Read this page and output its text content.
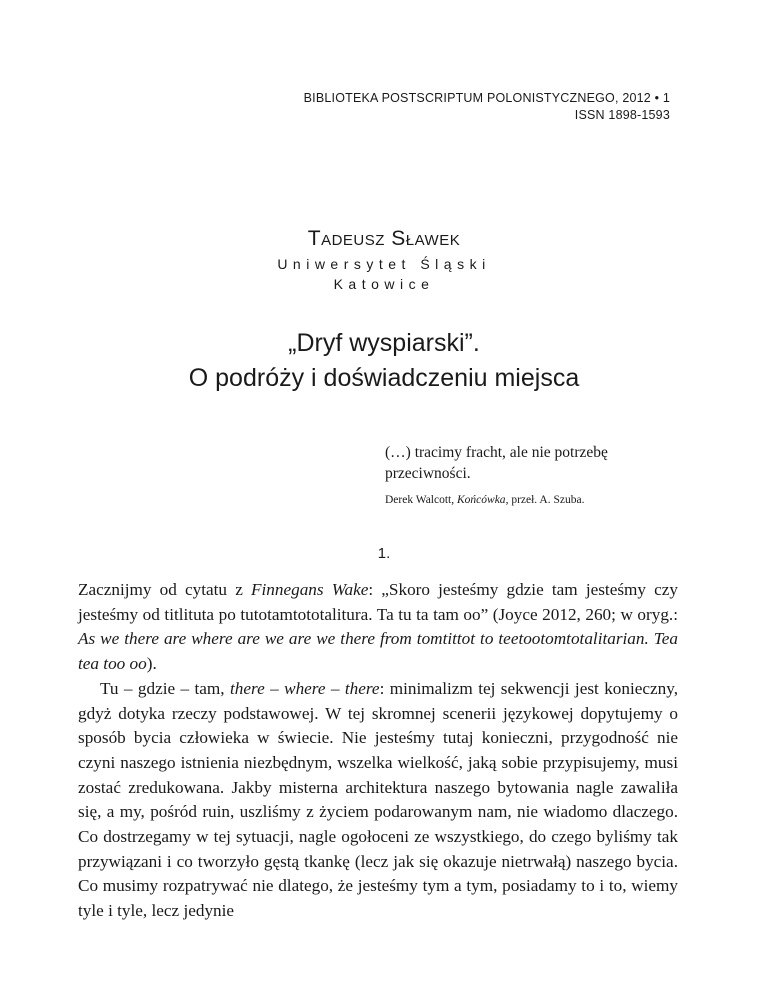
BIBLIOTEKA POSTSCRIPTUM POLONISTYCZNEGO, 2012 • 1
ISSN 1898-1593
Tadeusz Sławek
Uniwersytet Śląski
Katowice
„Dryf wyspiarski”.
O podróży i doświadczeniu miejsca
(…) tracimy fracht, ale nie potrzebę przeciwności.
Derek Walcott, Końcówka, przeł. A. Szuba.
1.

Zacznijmy od cytatu z Finnegans Wake: „Skoro jesteśmy gdzie tam jesteśmy czy jesteśmy od titlituta po tutotamtototalitura. Ta tu ta tam oo” (Joyce 2012, 260; w oryg.: As we there are where are we are we there from tomtittot to teetootomtotalitarian. Tea tea too oo).

Tu – gdzie – tam, there – where – there: minimalizm tej sekwencji jest konieczny, gdyż dotyka rzeczy podstawowej. W tej skromnej scenerii językowej dopytujemy o sposób bycia człowieka w świecie. Nie jesteśmy tutaj konieczni, przygodność nie czyni naszego istnienia niezbędnym, wszelka wielkość, jaką sobie przypisujemy, musi zostać zredukowana. Jakby misterna architektura naszego bytowania nagle zawaliła się, a my, pośród ruin, uszliśmy z życiem podarowanym nam, nie wiadomo dlaczego. Co dostrzegamy w tej sytuacji, nagle ogołoceni ze wszystkiego, do czego byliśmy tak przywiązani i co tworzyło gęstą tkankę (lecz jak się okazuje nietrwałą) naszego bycia. Co musimy rozpatrywać nie dlatego, że jesteśmy tym a tym, posiadamy to i to, wiemy tyle i tyle, lecz jedynie
